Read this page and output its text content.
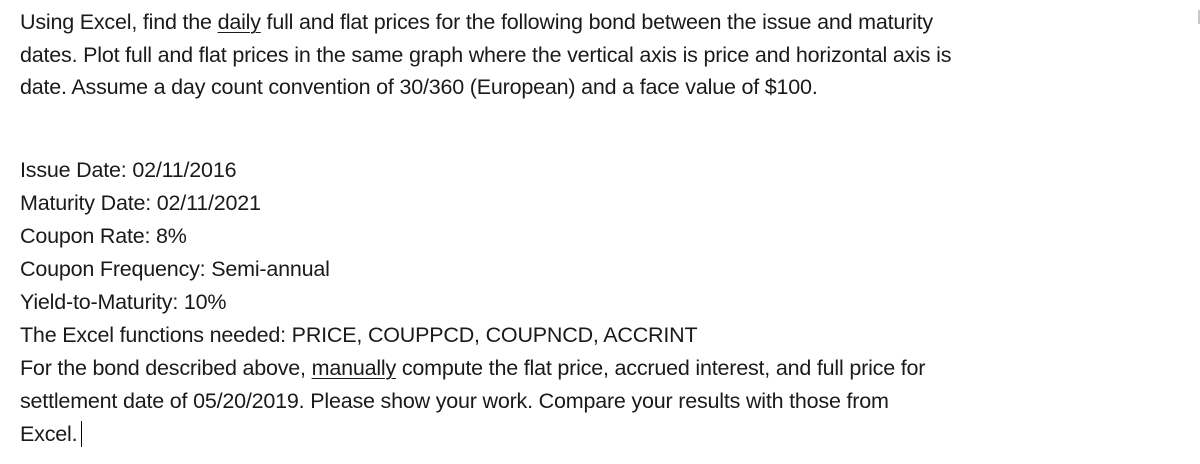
Using Excel, find the daily full and flat prices for the following bond between the issue and maturity
dates. Plot full and flat prices in the same graph where the vertical axis is price and horizontal axis is
date. Assume a day count convention of 30/360 (European) and a face value of $100.
Issue Date: 02/11/2016
Maturity Date: 02/11/2021
Coupon Rate: 8%
Coupon Frequency: Semi-annual
Yield-to-Maturity: 10%
The Excel functions needed: PRICE, COUPPCD, COUPNCD, ACCRINT
For the bond described above, manually compute the flat price, accrued interest, and full price for
settlement date of 05/20/2019. Please show your work. Compare your results with those from
Excel.
